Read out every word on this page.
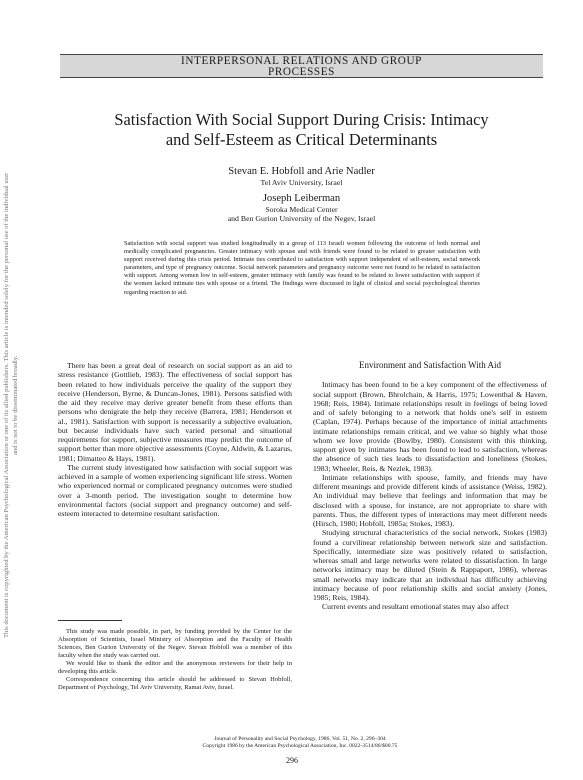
This document is copyrighted by the American Psychological Association or one of its allied publishers. This article is intended solely for the personal use of the individual user and is not to be disseminated broadly.
INTERPERSONAL RELATIONS AND GROUP
PROCESSES
Satisfaction With Social Support During Crisis: Intimacy
and Self-Esteem as Critical Determinants
Stevan E. Hobfoll and Arie Nadler
Tel Aviv University, Israel
Joseph Leiberman
Soroka Medical Center
and Ben Gurion University of the Negev, Israel
Satisfaction with social support was studied longitudinally in a group of 113 Israeli women following the outcome of both normal and medically complicated pregnancies. Greater intimacy with spouse and with friends were found to be related to greater satisfaction with support received during this crisis period. Intimate ties contributed to satisfaction with support independent of self-esteem, social network parameters, and type of pregnancy outcome. Social network parameters and pregnancy outcome were not found to be related to satisfaction with support. Among women low in self-esteem, greater intimacy with family was found to be related to lower satisfaction with support if the women lacked intimate ties with spouse or a friend. The findings were discussed in light of clinical and social psychological theories regarding reaction to aid.

There has been a great deal of research on social support as an aid to stress resistance (Gottlieb, 1983). The effectiveness of social support has been related to how individuals perceive the quality of the support they receive (Henderson, Byrne, & Duncan-Jones, 1981). Persons satisfied with the aid they receive may derive greater benefit from these efforts than persons who denigrate the help they receive (Barrera, 1981; Henderson et al., 1981). Satisfaction with support is necessarily a subjective evaluation, but because individuals have such varied personal and situational requirements for support, subjective measures may predict the outcome of support better than more objective assessments (Coyne, Aldwin, & Lazarus, 1981; Dimatteo & Hays, 1981).

The current study investigated how satisfaction with social support was achieved in a sample of women experiencing significant life stress. Women who experienced normal or complicated pregnancy outcomes were studied over a 3-month period. The investigation sought to determine how environmental factors (social support and pregnancy outcome) and self-esteem interacted to determine resultant satisfaction.

This study was made possible, in part, by funding provided by the Center for the Absorption of Scientists, Israel Ministry of Absorption and the Faculty of Health Sciences, Ben Gurion University of the Negev. Stevan Hobfoll was a member of this faculty when the study was carried out.

We would like to thank the editor and the anonymous reviewers for their help in developing this article.

Correspondence concerning this article should be addressed to Stevan Hobfoll, Department of Psychology, Tel Aviv University, Ramat Aviv, Israel.

Environment and Satisfaction With Aid

Intimacy has been found to be a key component of the effectiveness of social support (Brown, Bhrolchain, & Harris, 1975; Lowenthal & Haven, 1968; Reis, 1984). Intimate relationships result in feelings of being loved and of safely belonging to a network that holds one's self in esteem (Caplan, 1974). Perhaps because of the importance of initial attachments intimate relationships remain critical, and we value so highly what those whom we love provide (Bowlby, 1980). Consistent with this thinking, support given by intimates has been found to lead to satisfaction, whereas the absence of such ties leads to dissatisfaction and loneliness (Stokes, 1983; Wheeler, Reis, & Nezlek, 1983).

Intimate relationships with spouse, family, and friends may have different meanings and provide different kinds of assistance (Weiss, 1982). An individual may believe that feelings and information that may be disclosed with a spouse, for instance, are not appropriate to share with parents. Thus, the different types of interactions may meet different needs (Hirsch, 1980; Hobfoll, 1985a; Stokes, 1983).

Studying structural characteristics of the social network, Stokes (1983) found a curvilinear relationship between network size and satisfaction. Specifically, intermediate size was positively related to satisfaction, whereas small and large networks were related to dissatisfaction. In large networks intimacy may be diluted (Stein & Rappaport, 1986), whereas small networks may indicate that an individual has difficulty achieving intimacy because of poor relationship skills and social anxiety (Jones, 1985; Reis, 1984).

Current events and resultant emotional states may also affect

Journal of Personality and Social Psychology, 1986, Vol. 51, No. 2, 296–304
Copyright 1986 by the American Psychological Association, Inc. 0022-3514/86/$00.75
296
